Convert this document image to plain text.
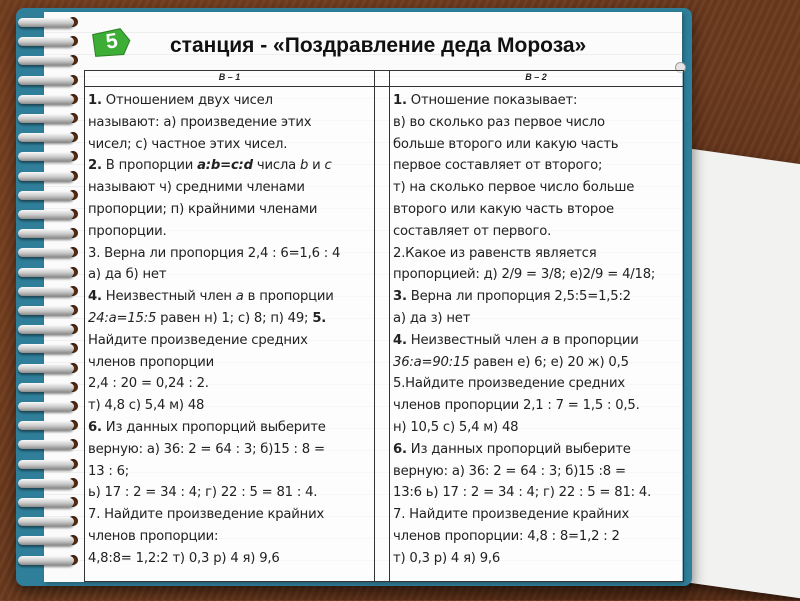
5	станция - «Поздравление деда Мороза»
В – 1	В – 2
1. Отношением двух чисел
называют: а) произведение этих
чисел; с) частное этих чисел.
2. В пропорции a:b=c:d числа b и c
называют ч) средними членами
пропорции; п) крайними членами
пропорции.
3. Верна ли пропорция 2,4 : 6=1,6 : 4
а) да б) нет
4. Неизвестный член a в пропорции
24:a=15:5 равен н) 1; с) 8; п) 49; 5.
Найдите произведение средних
членов пропорции
2,4 : 20 = 0,24 : 2.
т) 4,8 с) 5,4 м) 48
6. Из данных пропорций выберите
верную: а) 36: 2 = 64 : 3; б)15 : 8 =
13 : 6;
ь) 17 : 2 = 34 : 4; г) 22 : 5 = 81 : 4.
7. Найдите произведение крайних
членов пропорции:
4,8:8= 1,2:2 т) 0,3 р) 4 я) 9,6
1. Отношение показывает:
в) во сколько раз первое число
больше второго или какую часть
первое составляет от второго;
т) на сколько первое число больше
второго или какую часть второе
составляет от первого.
2.Какое из равенств является
пропорцией: д) 2/9 = 3/8; е)2/9 = 4/18;
3. Верна ли пропорция 2,5:5=1,5:2
а) да з) нет
4. Неизвестный член a в пропорции
36:a=90:15 равен е) 6; е) 20 ж) 0,5
5.Найдите произведение средних
членов пропорции 2,1 : 7 = 1,5 : 0,5.
н) 10,5 с) 5,4 м) 48
6. Из данных пропорций выберите
верную: а) 36: 2 = 64 : 3; б)15 :8 =
13:6 ь) 17 : 2 = 34 : 4; г) 22 : 5 = 81: 4.
7. Найдите произведение крайних
членов пропорции: 4,8 : 8=1,2 : 2
т) 0,3 р) 4 я) 9,6
